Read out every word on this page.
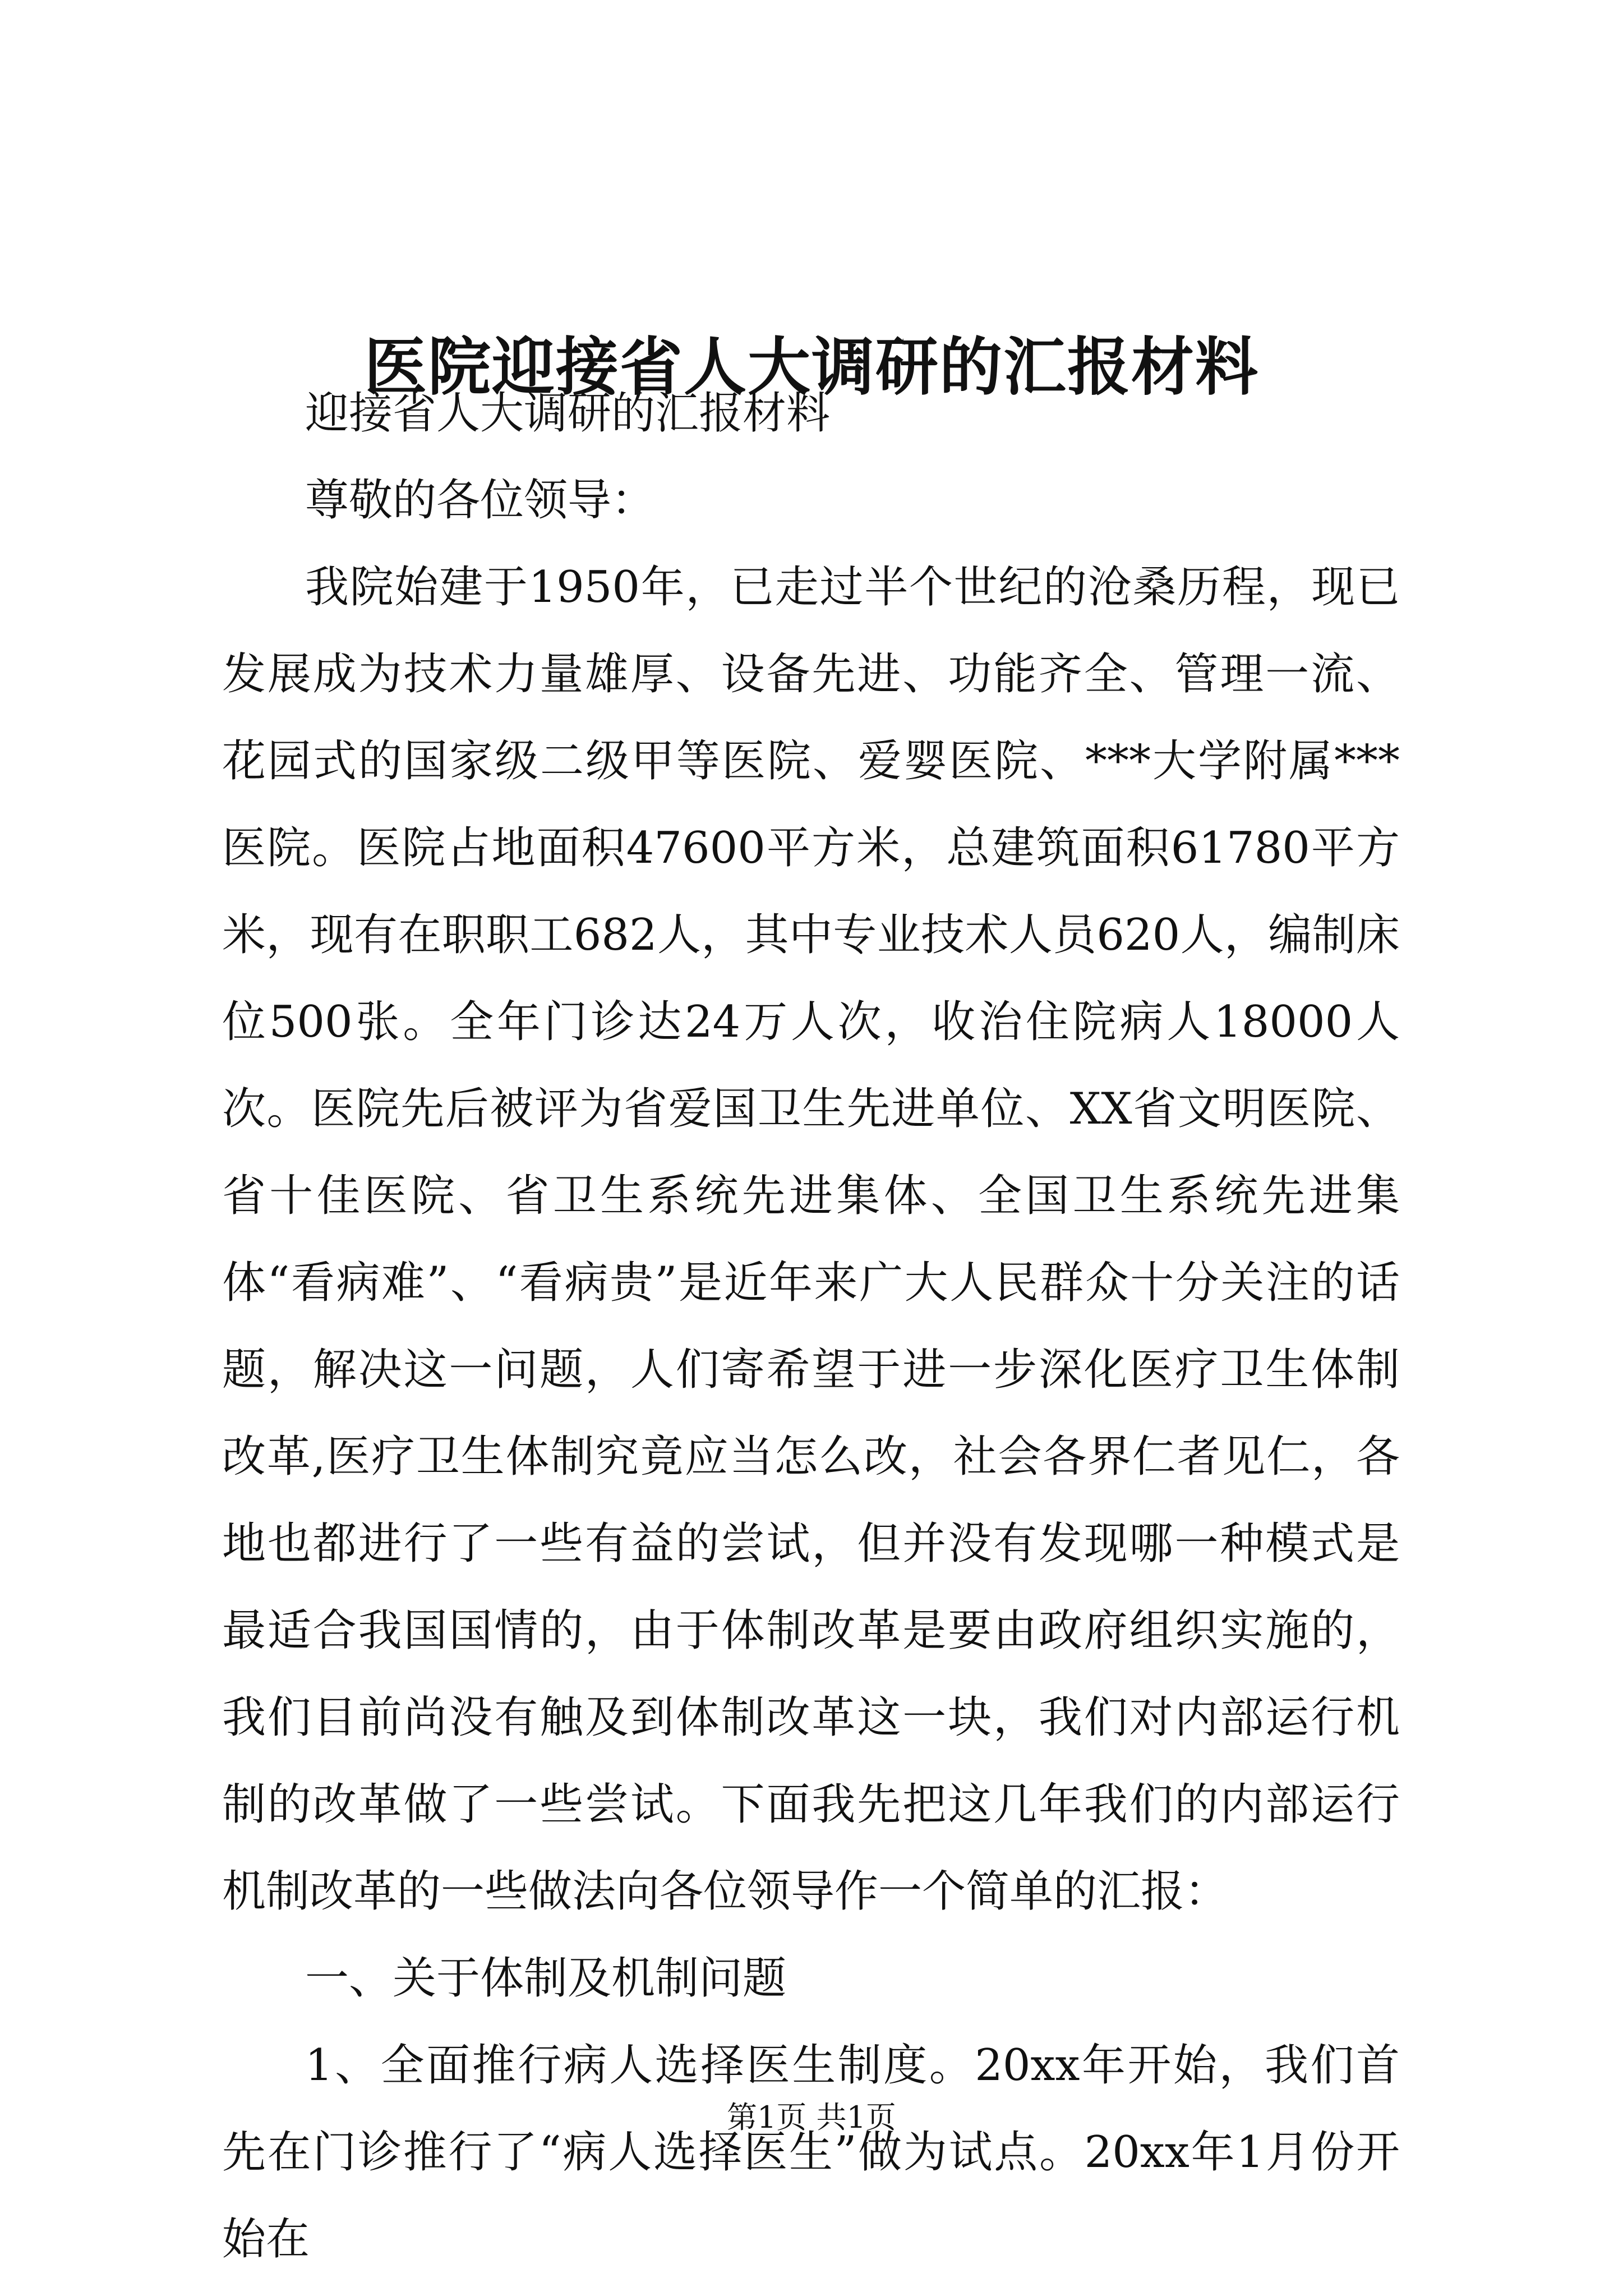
医院迎接省人大调研的汇报材料

迎接省人大调研的汇报材料

尊敬的各位领导：

我院始建于1950年，已走过半个世纪的沧桑历程，现已发展成为技术力量雄厚、设备先进、功能齐全、管理一流、花园式的国家级二级甲等医院、爱婴医院、***大学附属***医院。医院占地面积47600平方米，总建筑面积61780平方米，现有在职职工682人，其中专业技术人员620人，编制床位500张。全年门诊达24万人次，收治住院病人18000人次。医院先后被评为省爱国卫生先进单位、XX省文明医院、省十佳医院、省卫生系统先进集体、全国卫生系统先进集体“看病难”、“看病贵”是近年来广大人民群众十分关注的话题，解决这一问题，人们寄希望于进一步深化医疗卫生体制改革,医疗卫生体制究竟应当怎么改，社会各界仁者见仁，各地也都进行了一些有益的尝试，但并没有发现哪一种模式是最适合我国国情的，由于体制改革是要由政府组织实施的，我们目前尚没有触及到体制改革这一块，我们对内部运行机制的改革做了一些尝试。下面我先把这几年我们的内部运行机制改革的一些做法向各位领导作一个简单的汇报：

一、关于体制及机制问题

1、全面推行病人选择医生制度。20xx年开始，我们首先在门诊推行了“病人选择医生”做为试点。20xx年1月份开始在

第1页 共1页
